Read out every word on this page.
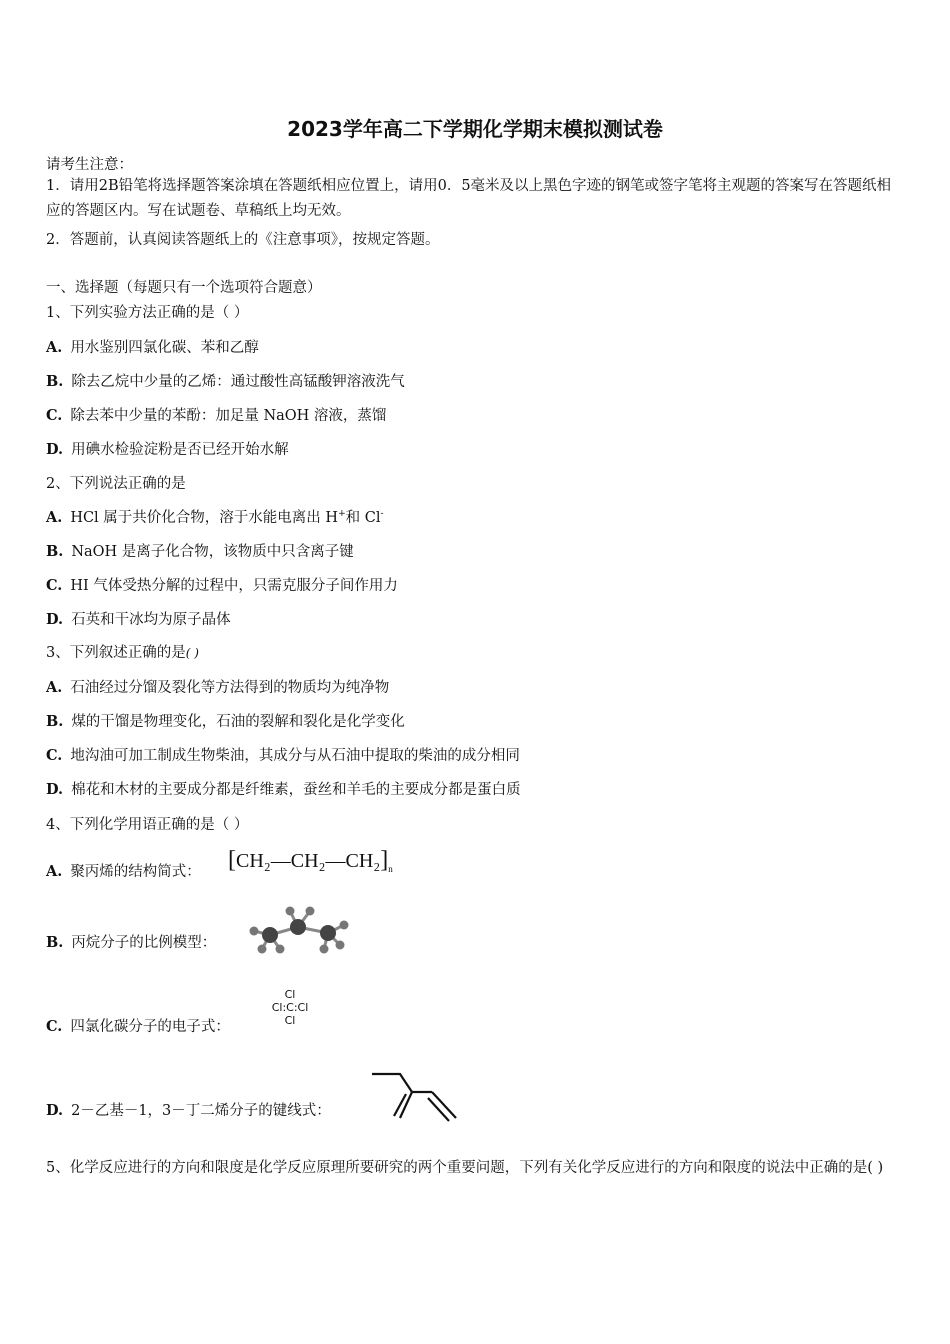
2023学年高二下学期化学期末模拟测试卷
请考生注意：
1．请用2B铅笔将选择题答案涂填在答题纸相应位置上，请用0．5毫米及以上黑色字迹的钢笔或签字笔将主观题的答案写在答题纸相应的答题区内。写在试题卷、草稿纸上均无效。
2．答题前，认真阅读答题纸上的《注意事项》，按规定答题。
一、选择题（每题只有一个选项符合题意）
1、下列实验方法正确的是（ ）
A. 用水鉴别四氯化碳、苯和乙醇
B. 除去乙烷中少量的乙烯：通过酸性高锰酸钾溶液洗气
C. 除去苯中少量的苯酚：加足量 NaOH 溶液，蒸馏
D. 用碘水检验淀粉是否已经开始水解
2、下列说法正确的是
A. HCl 属于共价化合物，溶于水能电离出 H+和 Cl-
B. NaOH 是离子化合物，该物质中只含离子键
C. HI 气体受热分解的过程中，只需克服分子间作用力
D. 石英和干冰均为原子晶体
3、下列叙述正确的是( )
A. 石油经过分馏及裂化等方法得到的物质均为纯净物
B. 煤的干馏是物理变化，石油的裂解和裂化是化学变化
C. 地沟油可加工制成生物柴油，其成分与从石油中提取的柴油的成分相同
D. 棉花和木材的主要成分都是纤维素，蚕丝和羊毛的主要成分都是蛋白质
4、下列化学用语正确的是（ ）
A. 聚丙烯的结构简式： $[CH_2—CH_2—CH_2]_n$
B. 丙烷分子的比例模型：
C. 四氯化碳分子的电子式：
Cl
Cl:C:Cl
Cl
D. 2－乙基－1，3－丁二烯分子的键线式：
5、化学反应进行的方向和限度是化学反应原理所要研究的两个重要问题，下列有关化学反应进行的方向和限度的说法中正确的是( )
